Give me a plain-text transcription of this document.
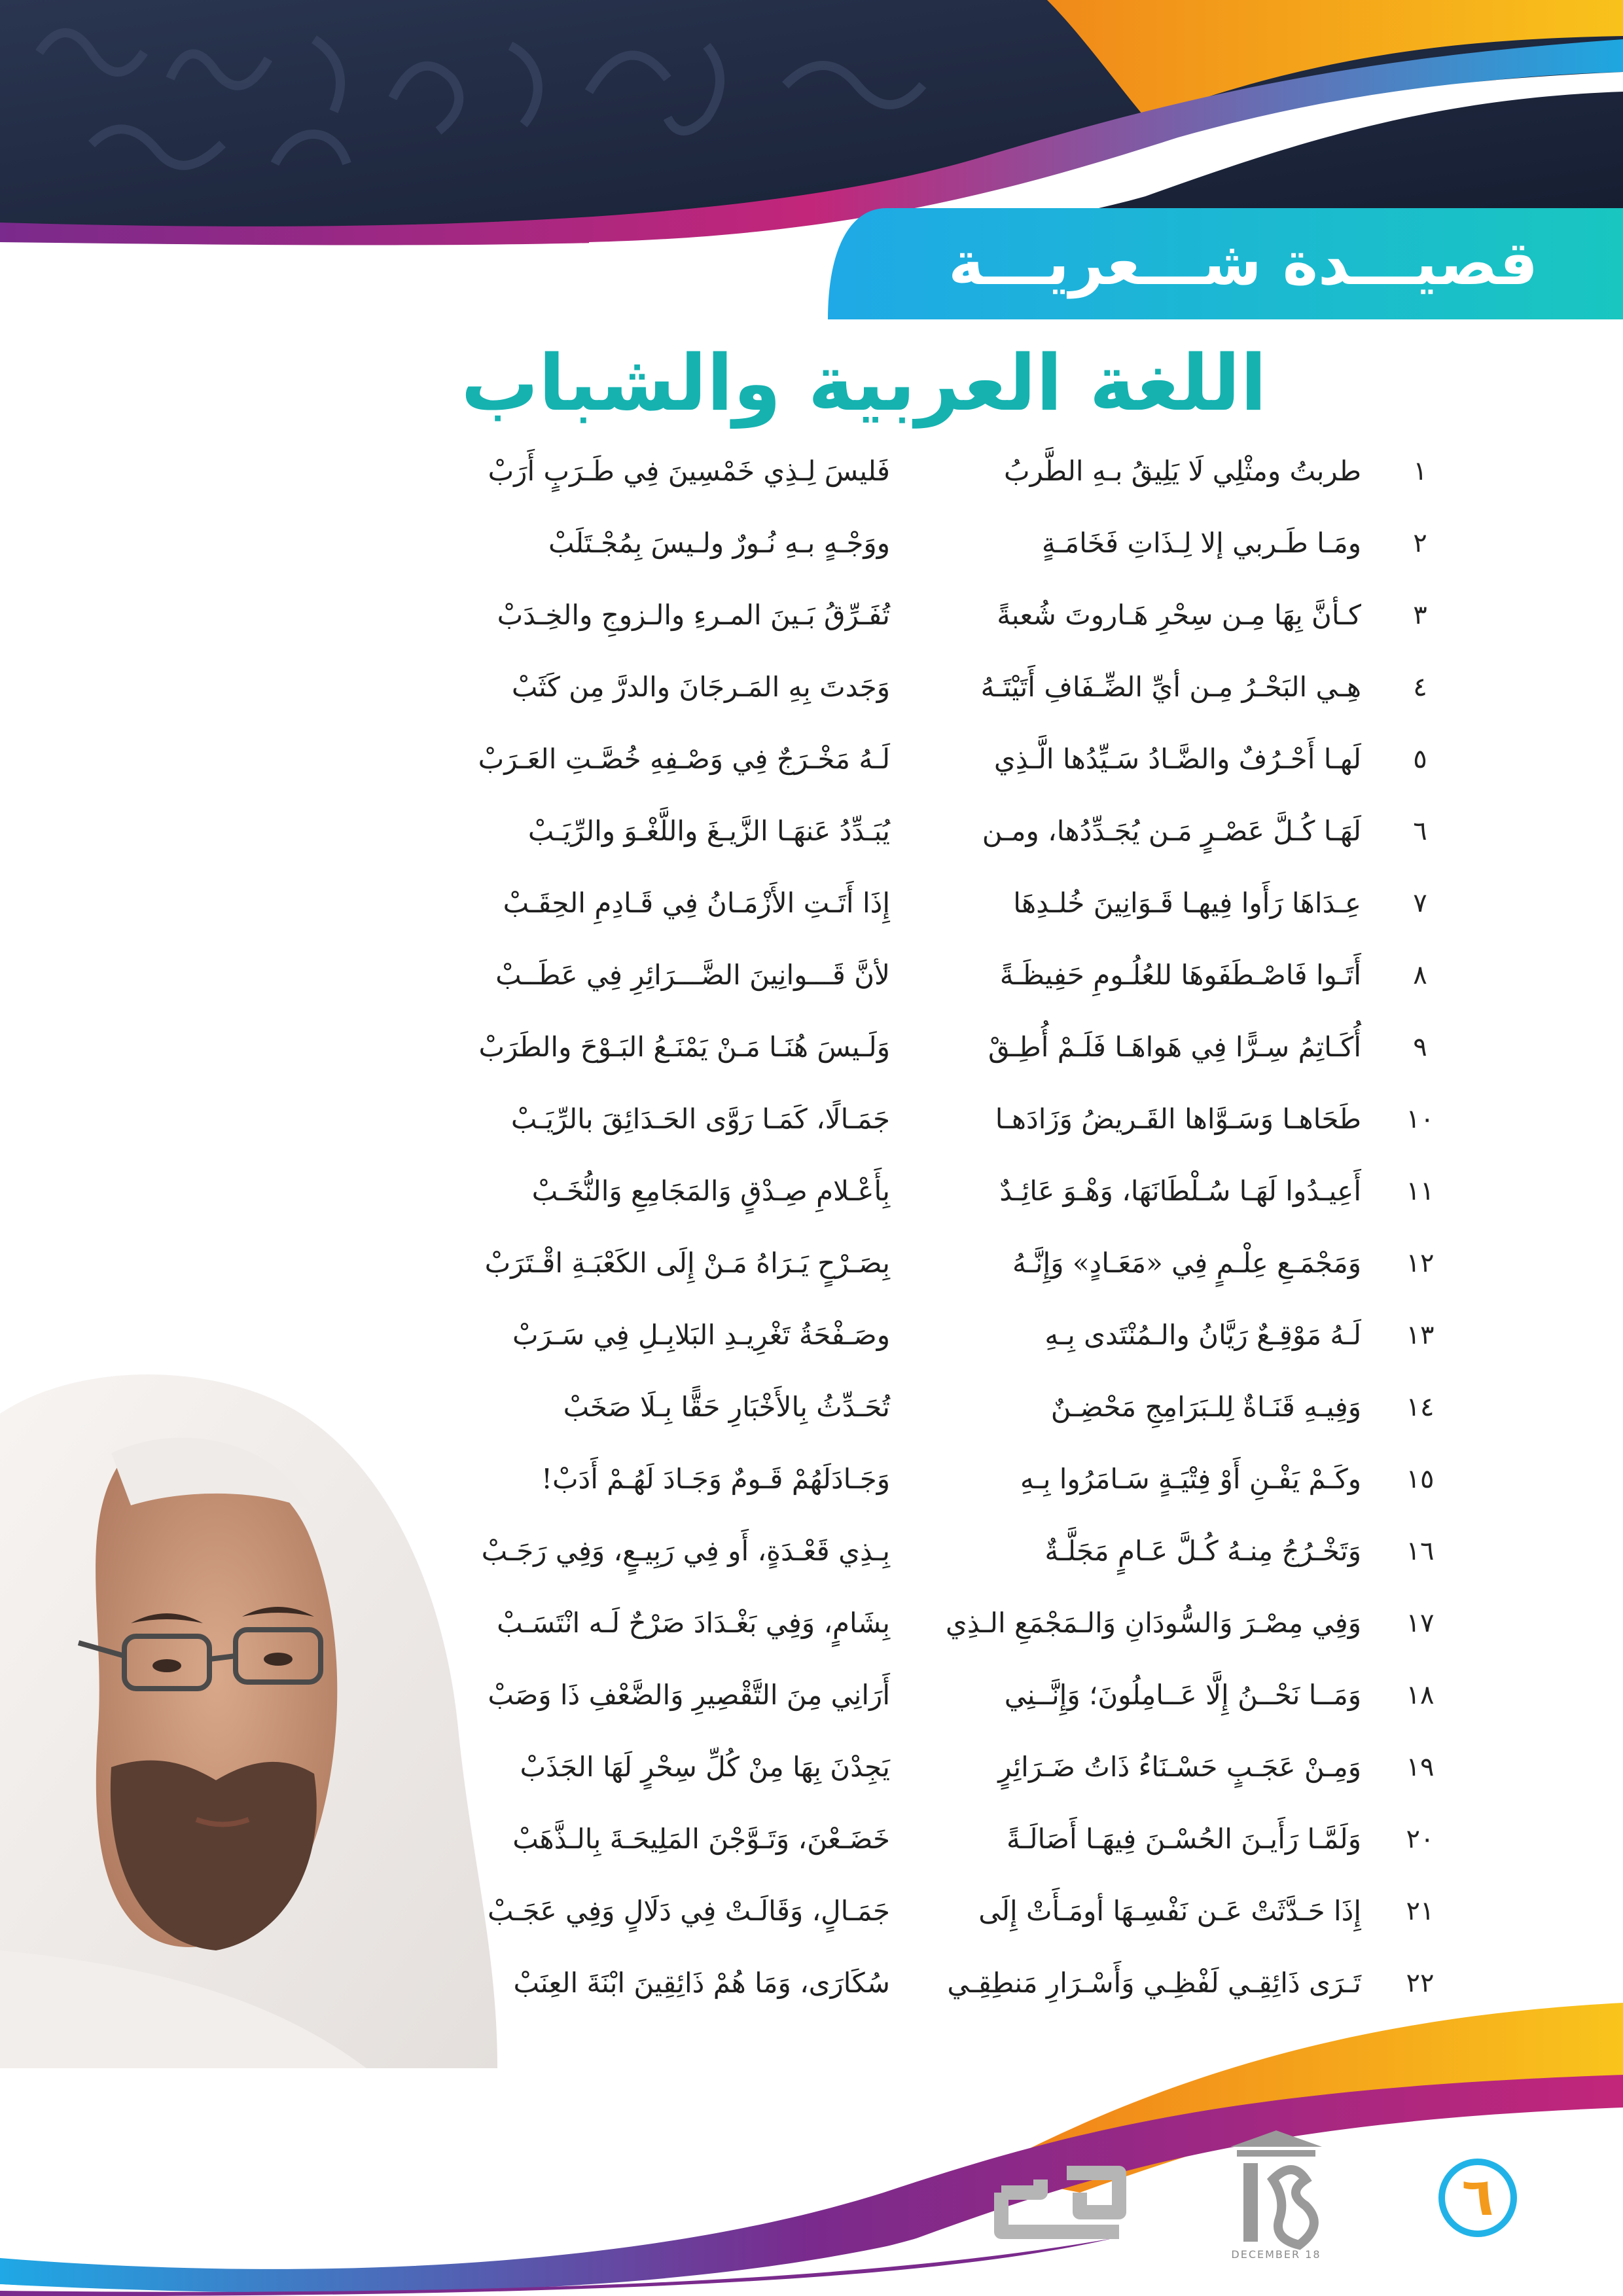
قصيـــدة شـــعريـــة
اللغة العربية والشباب
١
طربتُ ومثْلِي لَا يَلِيقُ بـهِ الطَّربُ
فَليسَ لِـذِي خَمْسِينَ فِي طَـرَبٍ أَرَبْ
٢
ومَـا طَـربي إلا لِـذَاتِ فَخَامَـةٍ
ووَجْـهٍ بـهِ نُـورٌ ولـيسَ بِمُجْـتَلَبْ
٣
كـأنَّ بِهَا مِـن سِحْرِ هَـاروتَ شُعبةً
تُفَـرِّقُ بَـينَ المـرءِ والـزوجِ والخِـدَبْ
٤
هِـي البَحْـرُ مِـن أيِّ الضِّـفَافِ أَتَيْتَـهُ
وَجَدتَ بِهِ المَـرجَانَ والدرَّ مِن كَثَبْ
٥
لَهـا أَحْـرُفٌ والضَّـادُ سَـيِّدُها الَّـذِي
لَـهُ مَخْـرَجٌ فِي وَصْـفِهِ خُصَّـتِ العَـرَبْ
٦
لَهَـا كُـلَّ عَصْـرٍ مَـن يُجَـدِّدُها، ومـن
يُبَـدِّدُ عَنهَـا الزَّيـغَ واللَّغْـوَ والرِّيَـبْ
٧
عِـدَاهَا رَأَوا فِيهـا قَـوَانِينَ خُلـدِهَا
إِذَا أَتَـتِ الأَزْمَـانُ فِي قَـادِمِ الحِقَـبْ
٨
أَتَـوا فَاصْـطَفَوهَا للعُلُـومِ حَفِيظَـةً
لأنَّ قَـــوانِينَ الضَّـــرَائِرِ فِي عَطَــبْ
٩
أُكَـاتِمُ سِـرًّا فِي هَواهَـا فَلَـمْ أُطِـقْ
وَلَـيسَ هُنَـا مَـنْ يَمْنَـعُ البَـوْحَ والطَرَبْ
١٠
طَحَاهـا وَسَـوَّاها القَـريضُ وَزَادَهـا
جَمَـالًا، كَمَـا رَوَّى الحَـدَائِقَ بالرِّيَـبْ
١١
أَعِيـدُوا لَهَـا سُـلْطَانَهَا، وَهْـوَ عَائِـدٌ
بِأَعْـلامِ صِـدْقٍ وَالمَجَامِعِ وَالنُّخَـبْ
١٢
وَمَجْمَـعِ عِلْـمٍ فِي «مَعَـادٍ» وَإِنَّـهُ
بِصَـرْحٍ يَـرَاهُ مَـنْ إِلَى الكَعْبَـةِ اقْـتَرَبْ
١٣
لَـهُ مَوْقِـعٌ رَيَّانُ والـمُنْتَدى بِـهِ
وصَـفْحَةُ تَغْرِيـدِ البَلابِـلِ فِي سَـرَبْ
١٤
وَفِيـهِ قَنَـاةٌ لِلـبَرَامِجِ مَحْضِـنٌ
تُحَـدِّثُ بِالأَخْبَارِ حَقًّا بِـلَا صَخَبْ
١٥
وكَـمْ يَفْـنِ أَوْ فِتْيَـةٍ سَـامَرُوا بِـهِ
وَجَـادَلَهُمْ قَـومٌ وَجَـادَ لَهُـمْ أَدَبْ!
١٦
وَتَخْـرُجُ مِنـهُ كُـلَّ عَـامٍ مَجَلَّـةٌ
بِـذِي قَعْـدَةٍ، أَو فِي رَبِيـعٍ، وَفِي رَجَـبْ
١٧
وَفِي مِصْـرَ وَالسُّودَانِ وَالـمَجْمَعِ الـذِي
بِشَامٍ، وَفِي بَغْـدَادَ صَرْحٌ لَـه انْتَسَـبْ
١٨
وَمَــا نَحْــنُ إِلَّا عَــامِلُونَ؛ وَإِنَّــنِي
أَرَانِي مِنَ التَّقْصِيرِ وَالضَّعْفِ ذَا وَصَبْ
١٩
وَمِـنْ عَجَـبٍ حَسْـنَاءُ ذَاتُ ضَـرَائِرٍ
يَجِدْنَ بِهَا مِنْ كُلِّ سِحْرٍ لَهَا الجَذَبْ
٢٠
وَلَمَّـا رَأَيـنَ الحُسْـنَ فِيهَـا أَصَالَـةً
خَضَـعْنَ، وَتَـوَّجْنَ المَلِيحَـةَ بِالـذَّهَبْ
٢١
إِذَا حَـدَّثَتْ عَـن نَفْسِـهَا أومَـأَتْ إِلَى
جَمَـالٍ، وَقَالَـتْ فِي دَلَالٍ وَفِي عَجَـبْ
٢٢
تَـرَى ذَائِقِـي لَفْظِـي وَأَسْـرَارِ مَنطِقِـي
سُكَارَى، وَمَا هُمْ ذَائِقِينَ ابْنَةَ العِنَبْ
DECEMBER 18
٦
